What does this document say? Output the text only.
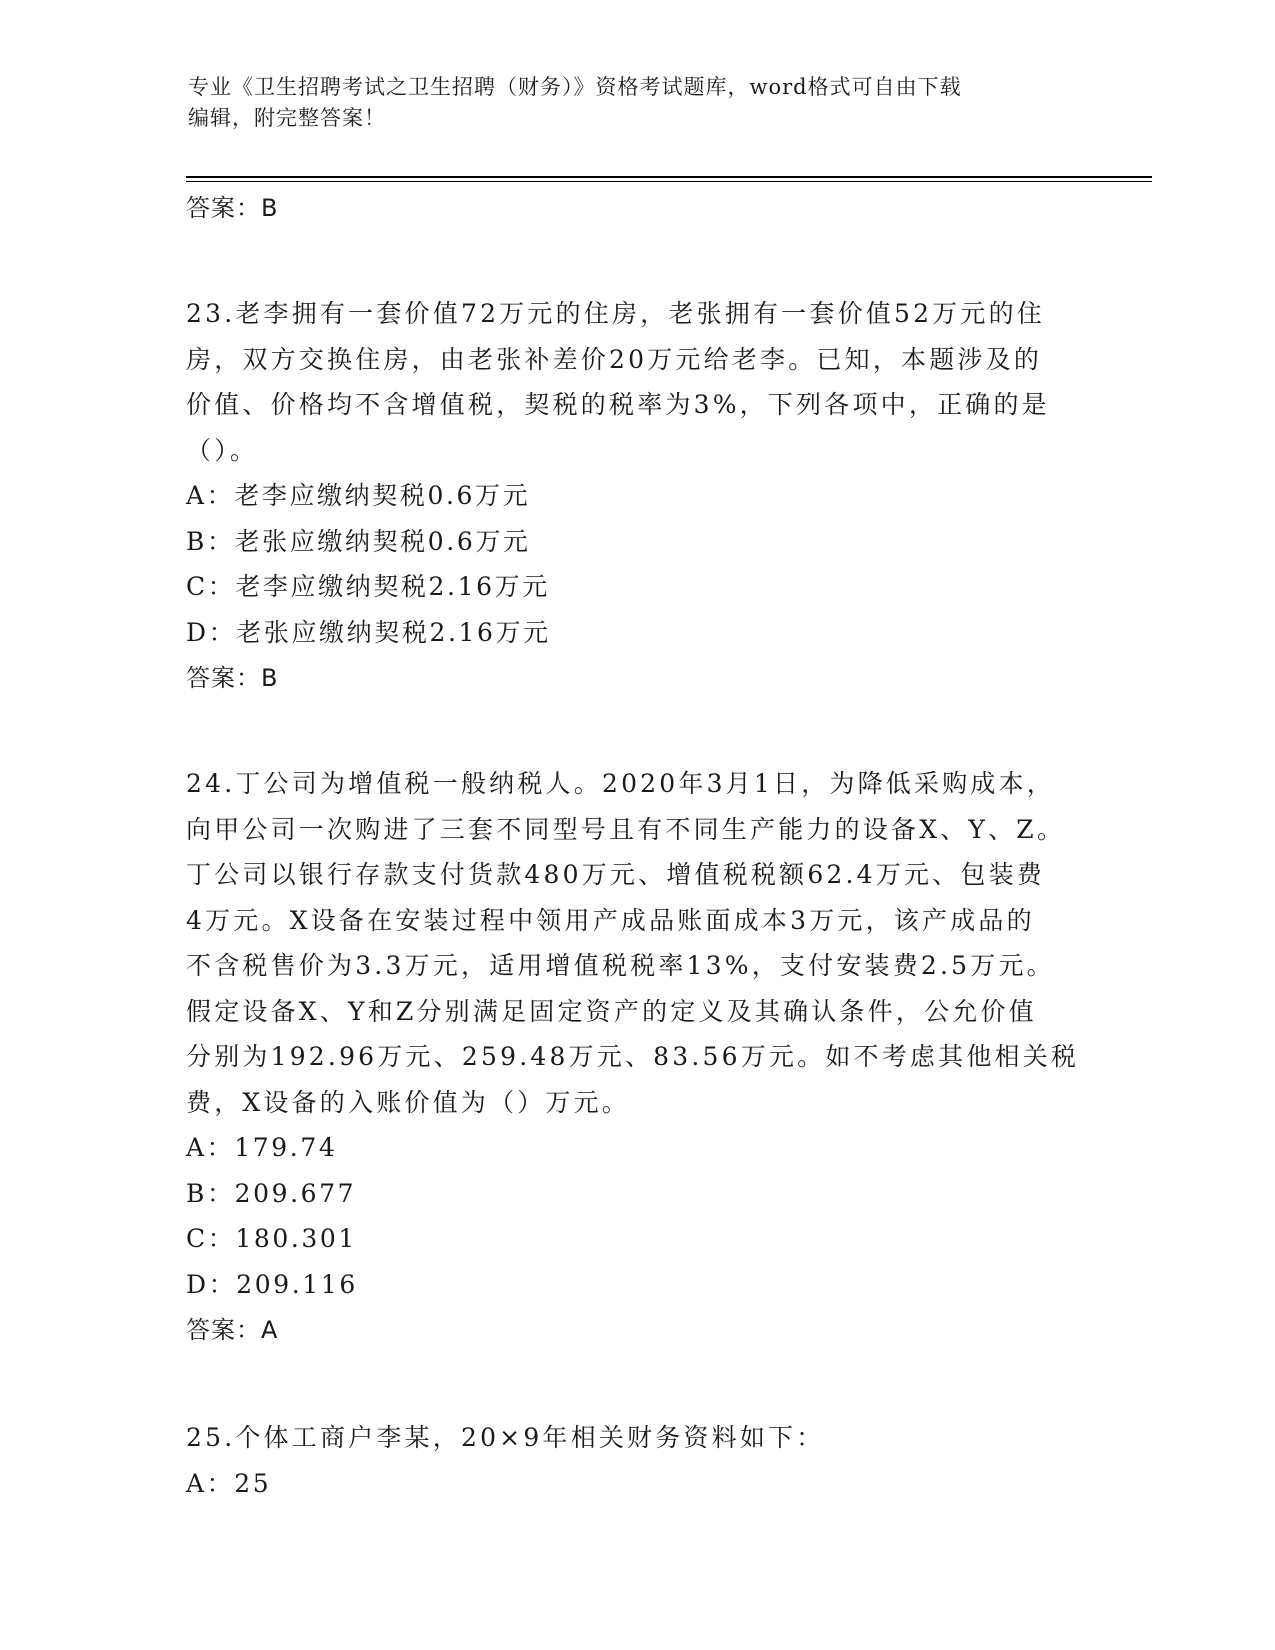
专业《卫生招聘考试之卫生招聘（财务）》资格考试题库，word格式可自由下载
编辑，附完整答案！
答案：B
23.老李拥有一套价值72万元的住房，老张拥有一套价值52万元的住
房，双方交换住房，由老张补差价20万元给老李。已知，本题涉及的
价值、价格均不含增值税，契税的税率为3%，下列各项中，正确的是
（）。
A：老李应缴纳契税0.6万元
B：老张应缴纳契税0.6万元
C：老李应缴纳契税2.16万元
D：老张应缴纳契税2.16万元
答案：B
24.丁公司为增值税一般纳税人。2020年3月1日，为降低采购成本，
向甲公司一次购进了三套不同型号且有不同生产能力的设备X、Y、Z。
丁公司以银行存款支付货款480万元、增值税税额62.4万元、包装费
4万元。X设备在安装过程中领用产成品账面成本3万元，该产成品的
不含税售价为3.3万元，适用增值税税率13%，支付安装费2.5万元。
假定设备X、Y和Z分别满足固定资产的定义及其确认条件，公允价值
分别为192.96万元、259.48万元、83.56万元。如不考虑其他相关税
费，X设备的入账价值为（）万元。
A：179.74
B：209.677
C：180.301
D：209.116
答案：A
25.个体工商户李某，20×9年相关财务资料如下：
A：25
